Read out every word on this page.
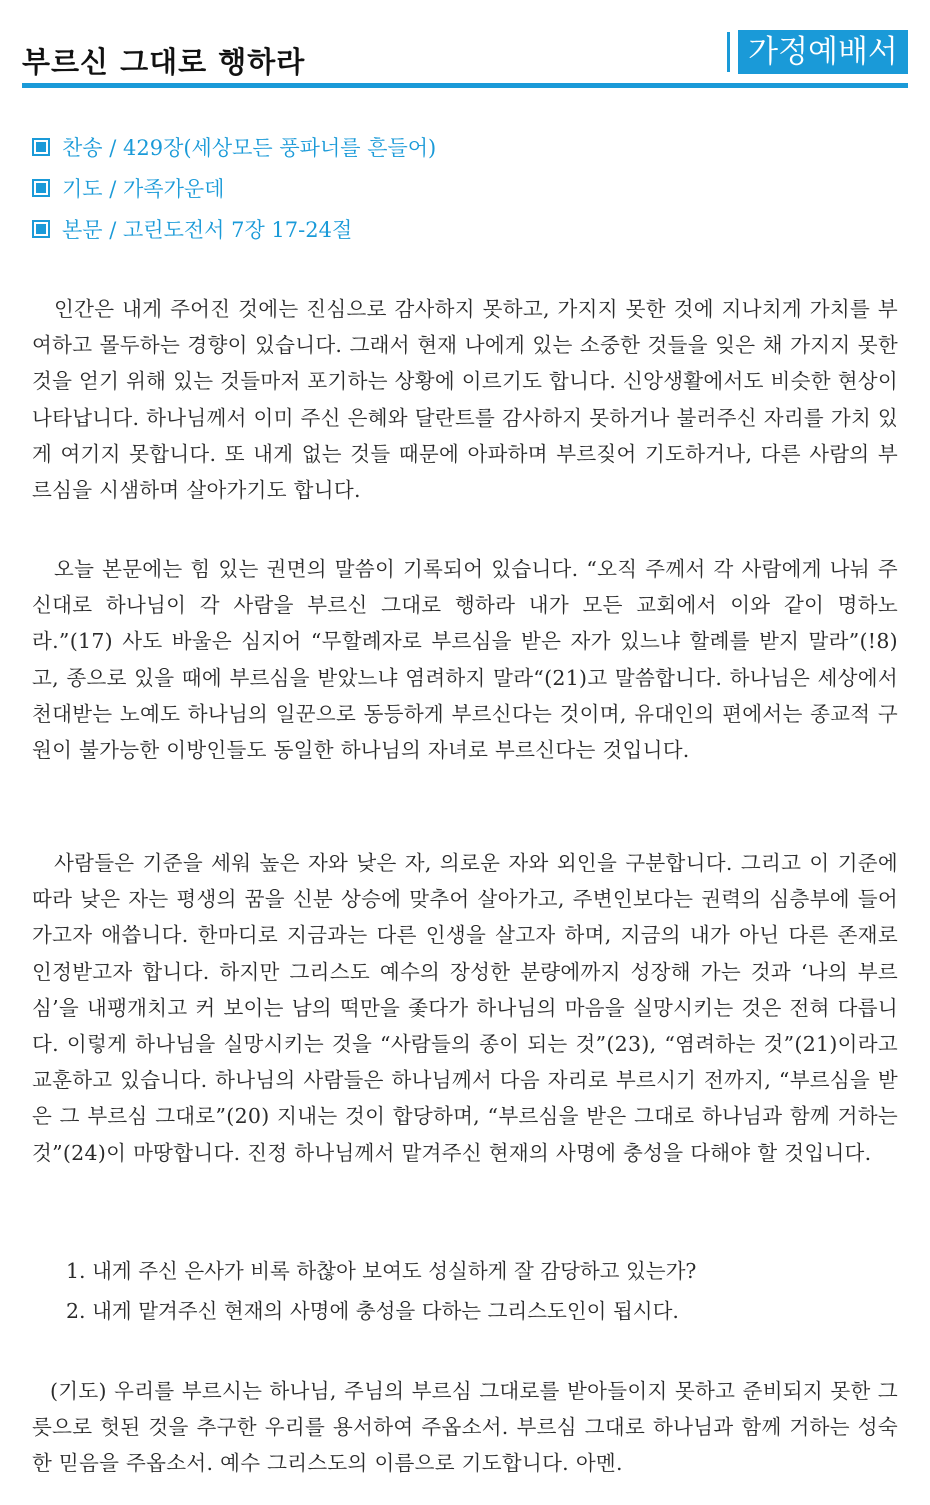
부르신 그대로 행하라	가정예배서
찬송 / 429장(세상모든 풍파너를 흔들어)
기도 / 가족가운데
본문 / 고린도전서 7장 17-24절

인간은 내게 주어진 것에는 진심으로 감사하지 못하고, 가지지 못한 것에 지나치게 가치를 부여하고 몰두하는 경향이 있습니다. 그래서 현재 나에게 있는 소중한 것들을 잊은 채 가지지 못한 것을 얻기 위해 있는 것들마저 포기하는 상황에 이르기도 합니다. 신앙생활에서도 비슷한 현상이 나타납니다. 하나님께서 이미 주신 은혜와 달란트를 감사하지 못하거나 불러주신 자리를 가치 있게 여기지 못합니다. 또 내게 없는 것들 때문에 아파하며 부르짖어 기도하거나, 다른 사람의 부르심을 시샘하며 살아가기도 합니다.

오늘 본문에는 힘 있는 권면의 말씀이 기록되어 있습니다. “오직 주께서 각 사람에게 나눠 주신대로 하나님이 각 사람을 부르신 그대로 행하라 내가 모든 교회에서 이와 같이 명하노라.”(17) 사도 바울은 심지어 “무할례자로 부르심을 받은 자가 있느냐 할례를 받지 말라”(!8)고, 종으로 있을 때에 부르심을 받았느냐 염려하지 말라“(21)고 말씀합니다. 하나님은 세상에서 천대받는 노예도 하나님의 일꾼으로 동등하게 부르신다는 것이며, 유대인의 편에서는 종교적 구원이 불가능한 이방인들도 동일한 하나님의 자녀로 부르신다는 것입니다.

사람들은 기준을 세워 높은 자와 낮은 자, 의로운 자와 외인을 구분합니다. 그리고 이 기준에 따라 낮은 자는 평생의 꿈을 신분 상승에 맞추어 살아가고, 주변인보다는 권력의 심층부에 들어가고자 애씁니다. 한마디로 지금과는 다른 인생을 살고자 하며, 지금의 내가 아닌 다른 존재로 인정받고자 합니다. 하지만 그리스도 예수의 장성한 분량에까지 성장해 가는 것과 ‘나의 부르심’을 내팽개치고 커 보이는 남의 떡만을 좇다가 하나님의 마음을 실망시키는 것은 전혀 다릅니다. 이렇게 하나님을 실망시키는 것을 “사람들의 종이 되는 것”(23), “염려하는 것”(21)이라고 교훈하고 있습니다. 하나님의 사람들은 하나님께서 다음 자리로 부르시기 전까지, “부르심을 받은 그 부르심 그대로”(20) 지내는 것이 합당하며, “부르심을 받은 그대로 하나님과 함께 거하는 것”(24)이 마땅합니다. 진정 하나님께서 맡겨주신 현재의 사명에 충성을 다해야 할 것입니다.

1. 내게 주신 은사가 비록 하찮아 보여도 성실하게 잘 감당하고 있는가?
2. 내게 맡겨주신 현재의 사명에 충성을 다하는 그리스도인이 됩시다.

(기도) 우리를 부르시는 하나님, 주님의 부르심 그대로를 받아들이지 못하고 준비되지 못한 그릇으로 헛된 것을 추구한 우리를 용서하여 주옵소서. 부르심 그대로 하나님과 함께 거하는 성숙한 믿음을 주옵소서. 예수 그리스도의 이름으로 기도합니다. 아멘.
